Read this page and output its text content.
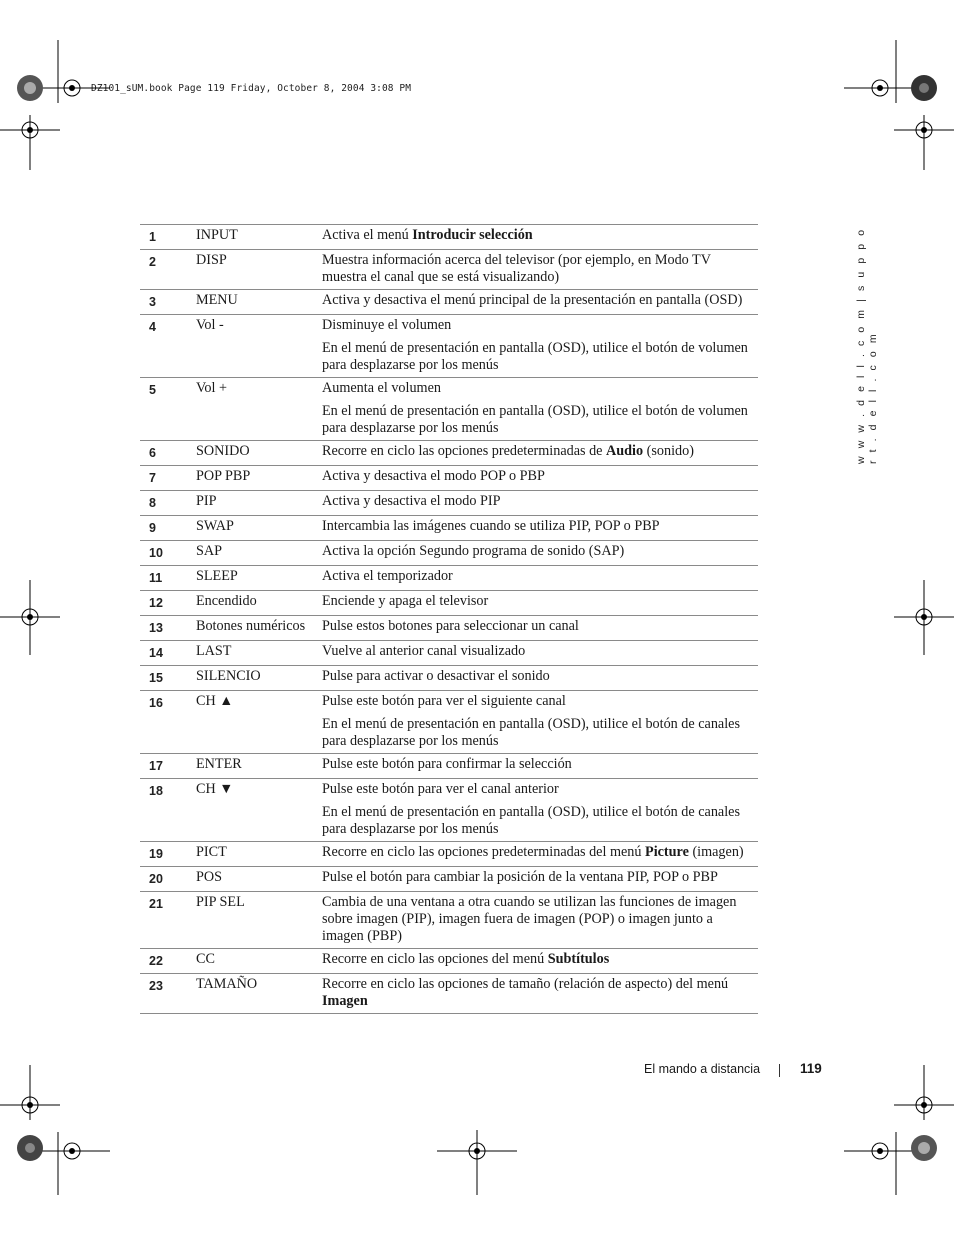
DZ101_sUM.book Page 119 Friday, October 8, 2004 3:08 PM
w w w . d e l l . c o m | s u p p o r t . d e l l . c o m
1	INPUT	Activa el menú Introducir selección

2	DISP	Muestra información acerca del televisor (por ejemplo, en Modo TV muestra el canal que se está visualizando)

3	MENU	Activa y desactiva el menú principal de la presentación en pantalla (OSD)

4	Vol -	Disminuye el volumen

En el menú de presentación en pantalla (OSD), utilice el botón de volumen para desplazarse por los menús

5	Vol +	Aumenta el volumen

En el menú de presentación en pantalla (OSD), utilice el botón de volumen para desplazarse por los menús

6	SONIDO	Recorre en ciclo las opciones predeterminadas de Audio (sonido)

7	POP PBP	Activa y desactiva el modo POP o PBP

8	PIP	Activa y desactiva el modo PIP

9	SWAP	Intercambia las imágenes cuando se utiliza PIP, POP o PBP

10	SAP	Activa la opción Segundo programa de sonido (SAP)

11	SLEEP	Activa el temporizador

12	Encendido	Enciende y apaga el televisor

13	Botones numéricos	Pulse estos botones para seleccionar un canal

14	LAST	Vuelve al anterior canal visualizado

15	SILENCIO	Pulse para activar o desactivar el sonido

16	CH ▲	Pulse este botón para ver el siguiente canal

En el menú de presentación en pantalla (OSD), utilice el botón de canales para desplazarse por los menús

17	ENTER	Pulse este botón para confirmar la selección

18	CH ▼	Pulse este botón para ver el canal anterior

En el menú de presentación en pantalla (OSD), utilice el botón de canales para desplazarse por los menús

19	PICT	Recorre en ciclo las opciones predeterminadas del menú Picture (imagen)

20	POS	Pulse el botón para cambiar la posición de la ventana PIP, POP o PBP

21	PIP SEL	Cambia de una ventana a otra cuando se utilizan las funciones de imagen sobre imagen (PIP), imagen fuera de imagen (POP) o imagen junto a imagen (PBP)

22	CC	Recorre en ciclo las opciones del menú Subtítulos

23	TAMAÑO	Recorre en ciclo las opciones de tamaño (relación de aspecto) del menú Imagen

El mando a distancia	119
